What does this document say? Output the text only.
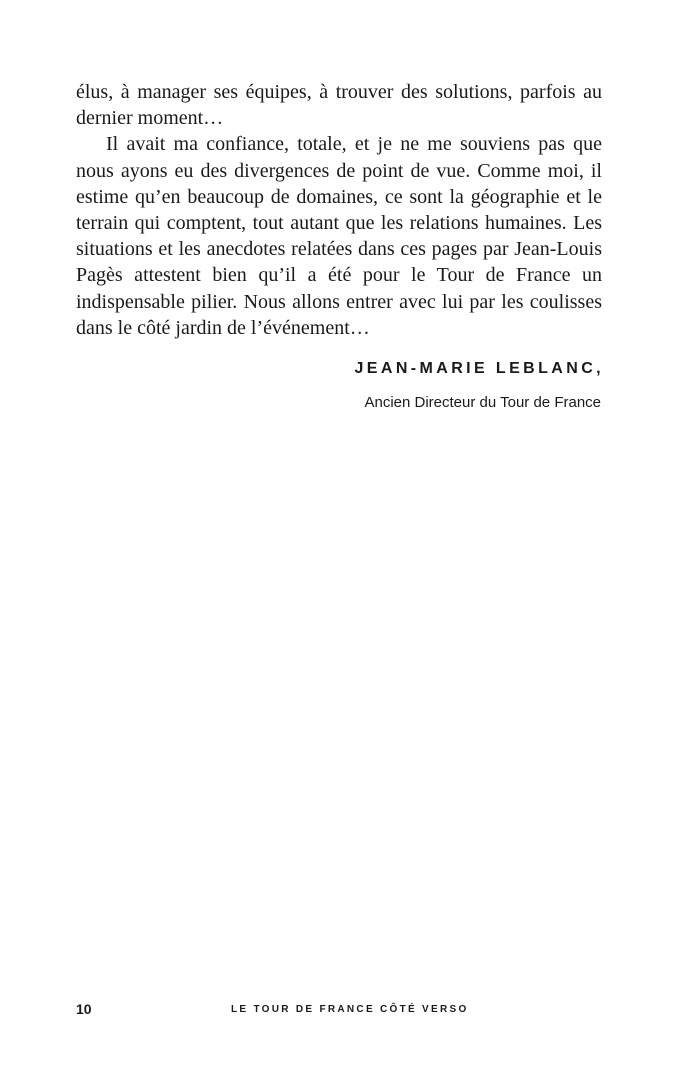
élus, à manager ses équipes, à trouver des solutions, parfois au dernier moment…

Il avait ma confiance, totale, et je ne me souviens pas que nous ayons eu des divergences de point de vue. Comme moi, il estime qu’en beaucoup de domaines, ce sont la géographie et le terrain qui comptent, tout autant que les relations humaines. Les situations et les anecdotes relatées dans ces pages par Jean-Louis Pagès attestent bien qu’il a été pour le Tour de France un indispensable pilier. Nous allons entrer avec lui par les coulisses dans le côté jardin de l’événement…

JEAN-MARIE LEBLANC,
Ancien Directeur du Tour de France
10	LE TOUR DE FRANCE CÔTÉ VERSO
